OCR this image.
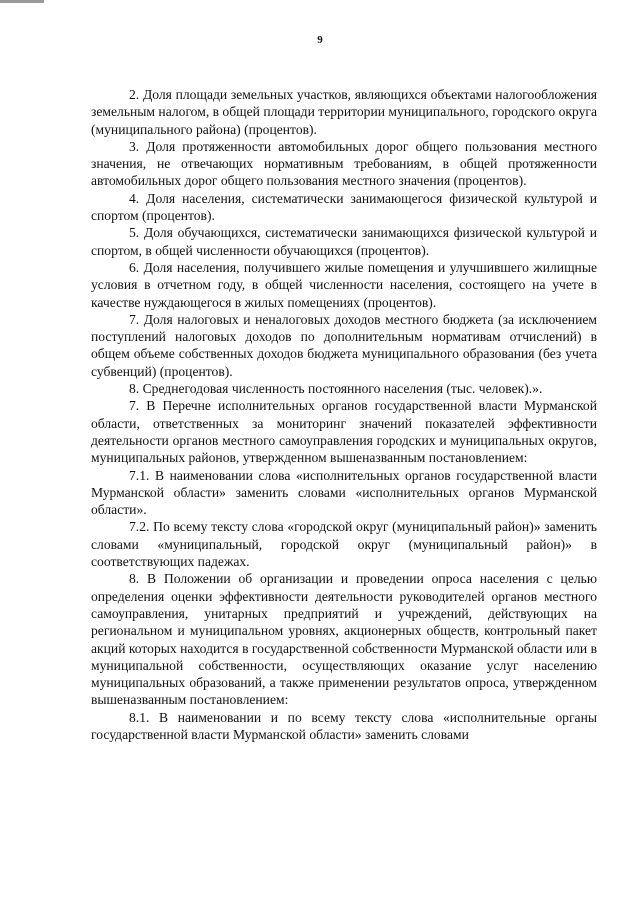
9

2. Доля площади земельных участков, являющихся объектами налогообложения земельным налогом, в общей площади территории муниципального, городского округа (муниципального района) (процентов).

3. Доля протяженности автомобильных дорог общего пользования местного значения, не отвечающих нормативным требованиям, в общей протяженности автомобильных дорог общего пользования местного значения (процентов).

4. Доля населения, систематически занимающегося физической культурой и спортом (процентов).

5. Доля обучающихся, систематически занимающихся физической культурой и спортом, в общей численности обучающихся (процентов).

6. Доля населения, получившего жилые помещения и улучшившего жилищные условия в отчетном году, в общей численности населения, состоящего на учете в качестве нуждающегося в жилых помещениях (процентов).

7. Доля налоговых и неналоговых доходов местного бюджета (за исключением поступлений налоговых доходов по дополнительным нормативам отчислений) в общем объеме собственных доходов бюджета муниципального образования (без учета субвенций) (процентов).

8. Среднегодовая численность постоянного населения (тыс. человек).».

7. В Перечне исполнительных органов государственной власти Мурманской области, ответственных за мониторинг значений показателей эффективности деятельности органов местного самоуправления городских и муниципальных округов, муниципальных районов, утвержденном вышеназванным постановлением:

7.1. В наименовании слова «исполнительных органов государственной власти Мурманской области» заменить словами «исполнительных органов Мурманской области».

7.2. По всему тексту слова «городской округ (муниципальный район)» заменить словами «муниципальный, городской округ (муниципальный район)» в соответствующих падежах.

8. В Положении об организации и проведении опроса населения с целью определения оценки эффективности деятельности руководителей органов местного самоуправления, унитарных предприятий и учреждений, действующих на региональном и муниципальном уровнях, акционерных обществ, контрольный пакет акций которых находится в государственной собственности Мурманской области или в муниципальной собственности, осуществляющих оказание услуг населению муниципальных образований, а также применении результатов опроса, утвержденном вышеназванным постановлением:

8.1. В наименовании и по всему тексту слова «исполнительные органы государственной власти Мурманской области» заменить словами
